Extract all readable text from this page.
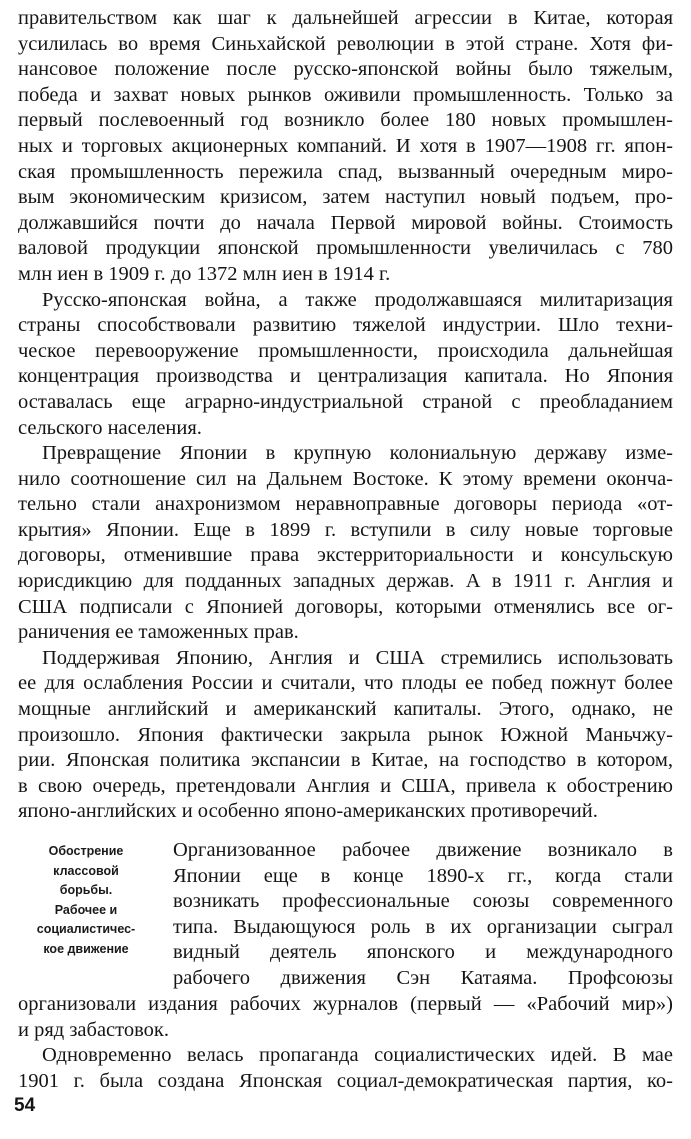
правительством как шаг к дальнейшей агрессии в Китае, которая
усилилась во время Синьхайской революции в этой стране. Хотя фи-
нансовое положение после русско-японской войны было тяжелым,
победа и захват новых рынков оживили промышленность. Только за
первый послевоенный год возникло более 180 новых промышлен-
ных и торговых акционерных компаний. И хотя в 1907—1908 гг. япон-
ская промышленность пережила спад, вызванный очередным миро-
вым экономическим кризисом, затем наступил новый подъем, про-
должавшийся почти до начала Первой мировой войны. Стоимость
валовой продукции японской промышленности увеличилась с 780
млн иен в 1909 г. до 1372 млн иен в 1914 г.
Русско-японская война, а также продолжавшаяся милитаризация
страны способствовали развитию тяжелой индустрии. Шло техни-
ческое перевооружение промышленности, происходила дальнейшая
концентрация производства и централизация капитала. Но Япония
оставалась еще аграрно-индустриальной страной с преобладанием
сельского населения.
Превращение Японии в крупную колониальную державу изме-
нило соотношение сил на Дальнем Востоке. К этому времени оконча-
тельно стали анахронизмом неравноправные договоры периода «от-
крытия» Японии. Еще в 1899 г. вступили в силу новые торговые
договоры, отменившие права экстерриториальности и консульскую
юрисдикцию для подданных западных держав. А в 1911 г. Англия и
США подписали с Японией договоры, которыми отменялись все ог-
раничения ее таможенных прав.
Поддерживая Японию, Англия и США стремились использовать
ее для ослабления России и считали, что плоды ее побед пожнут более
мощные английский и американский капиталы. Этого, однако, не
произошло. Япония фактически закрыла рынок Южной Маньчжу-
рии. Японская политика экспансии в Китае, на господство в котором,
в свою очередь, претендовали Англия и США, привела к обострению
японо-английских и особенно японо-американских противоречий.
Обострение
классовой
борьбы.
Рабочее и
социалистичес-
кое движение
Организованное рабочее движение возникало в
Японии еще в конце 1890-х гг., когда стали
возникать профессиональные союзы современного
типа. Выдающуюся роль в их организации сыграл
видный деятель японского и международного
рабочего движения Сэн Катаяма. Профсоюзы
организовали издания рабочих журналов (первый — «Рабочий мир»)
и ряд забастовок.
Одновременно велась пропаганда социалистических идей. В мае
1901 г. была создана Японская социал-демократическая партия, ко-
54
